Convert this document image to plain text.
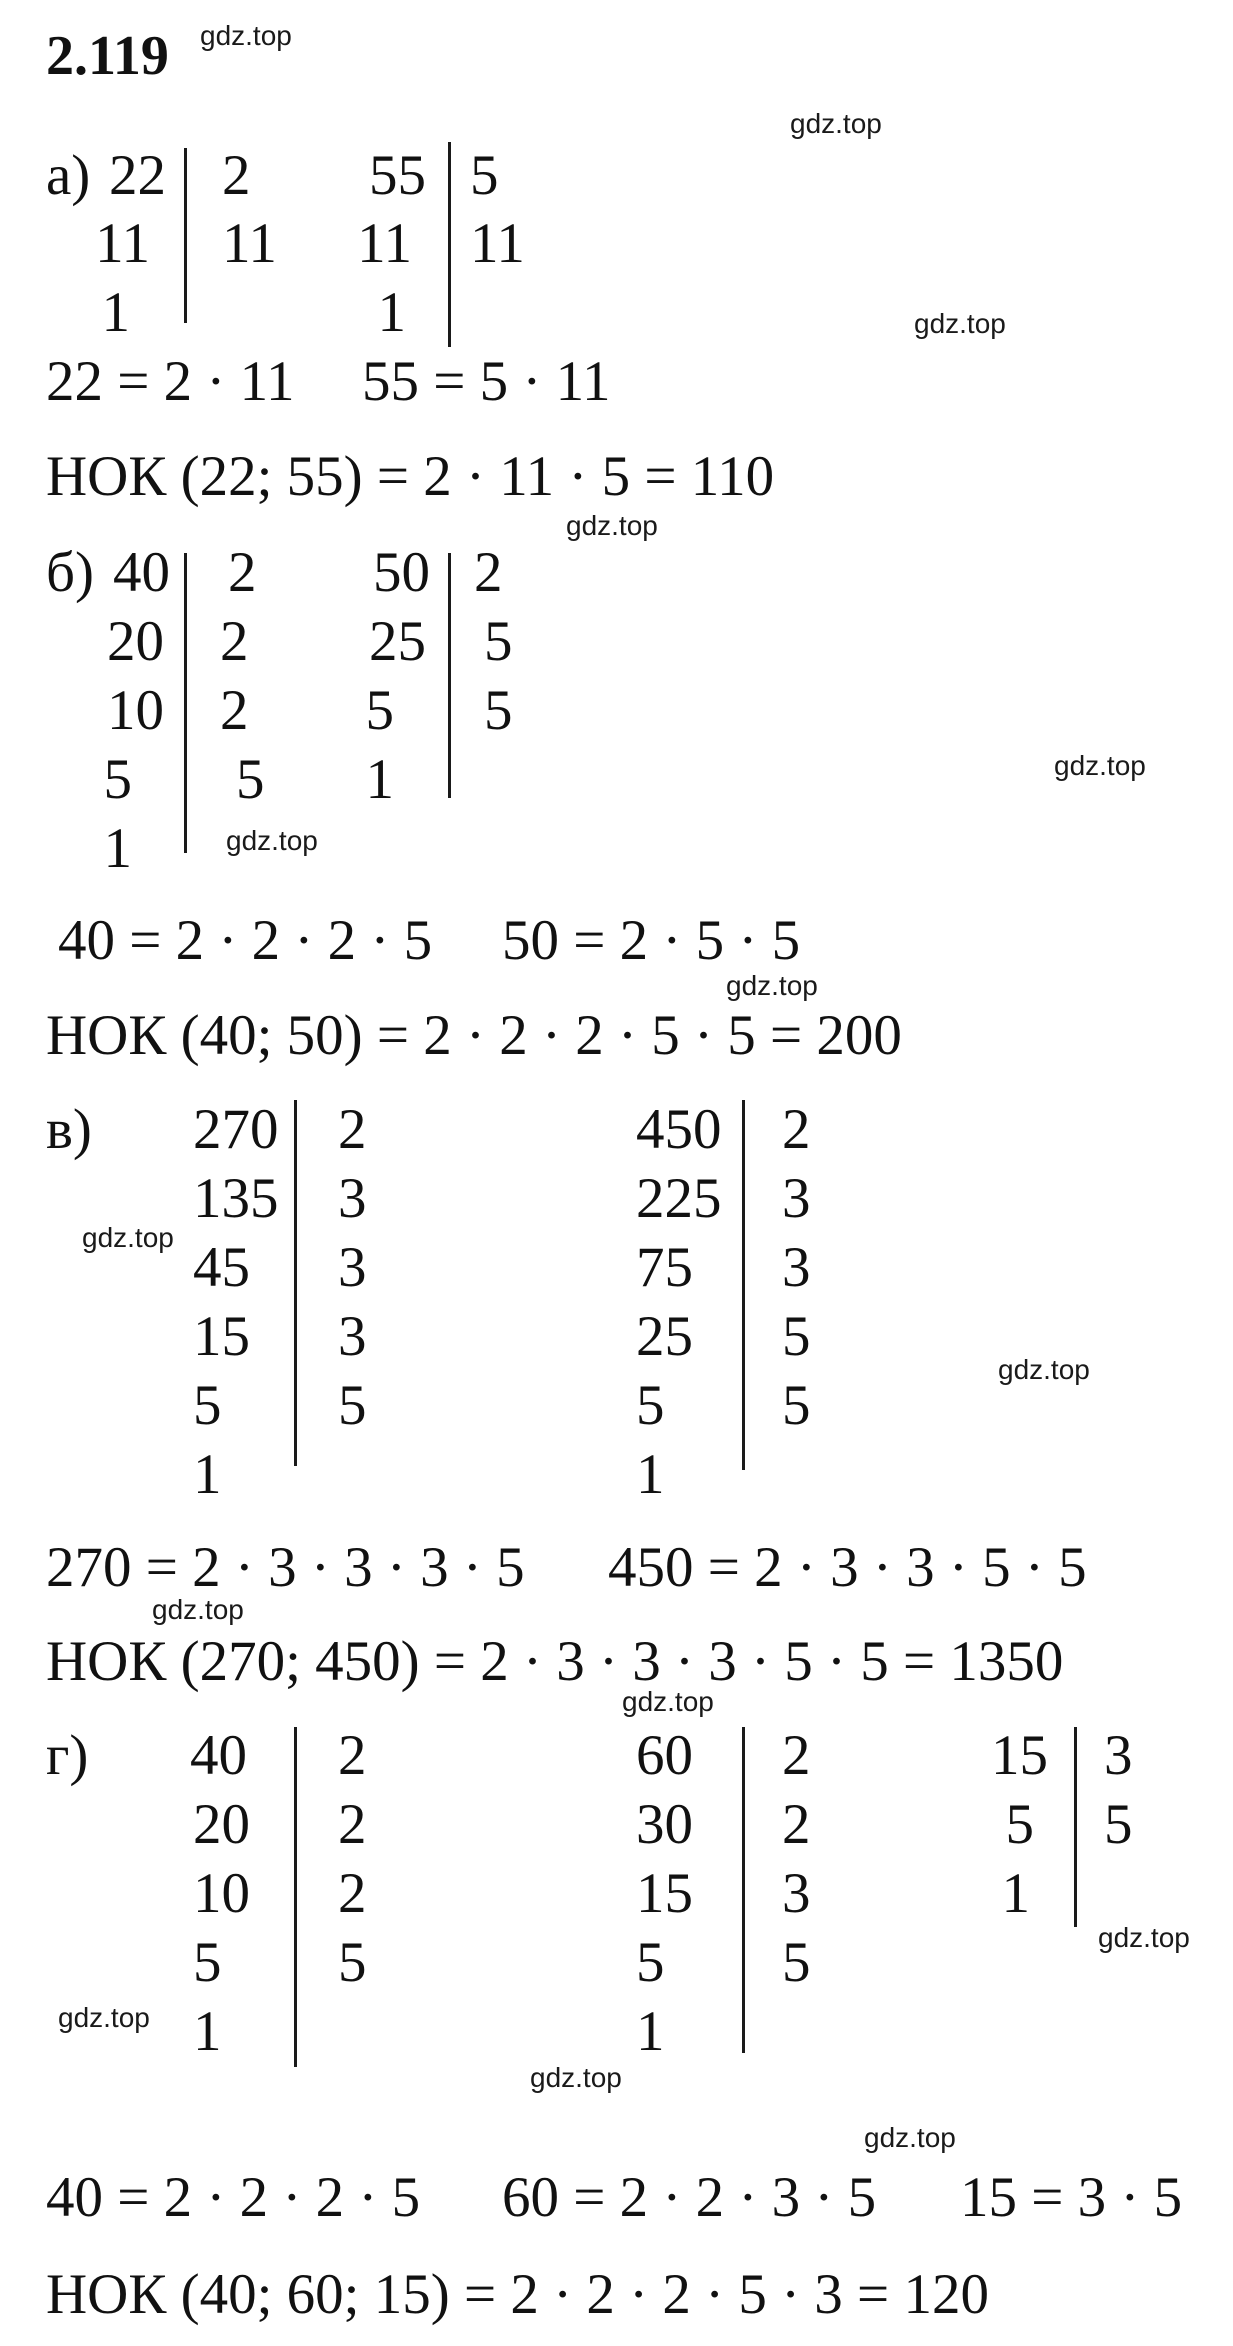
2.119
а) 22
11
1
2
11
55
11
1
5
11
22 = 2 · 11 55 = 5 · 11
НОК (22; 55) = 2 · 11 · 5 = 110
б) 40
20
10
5
1
2
2
2
5
50
25
5
1
2
5
5
40 = 2 · 2 · 2 · 5 50 = 2 · 5 · 5
НОК (40; 50) = 2 · 2 · 2 · 5 · 5 = 200
в) 270
135
45
15
5
1
2
3
3
3
5
450
225
75
25
5
1
2
3
3
5
5
270 = 2 · 3 · 3 · 3 · 5 450 = 2 · 3 · 3 · 5 · 5
НОК (270; 450) = 2 · 3 · 3 · 3 · 5 · 5 = 1350
г) 40
20
10
5
1
2
2
2
5
60
30
15
5
1
2
2
3
5
15
5
1
3
5
40 = 2 · 2 · 2 · 5 60 = 2 · 2 · 3 · 5 15 = 3 · 5
НОК (40; 60; 15) = 2 · 2 · 2 · 5 · 3 = 120
gdz.top
gdz.top
gdz.top
gdz.top
gdz.top
gdz.top
gdz.top
gdz.top
gdz.top
gdz.top
gdz.top
gdz.top
gdz.top
gdz.top
gdz.top
